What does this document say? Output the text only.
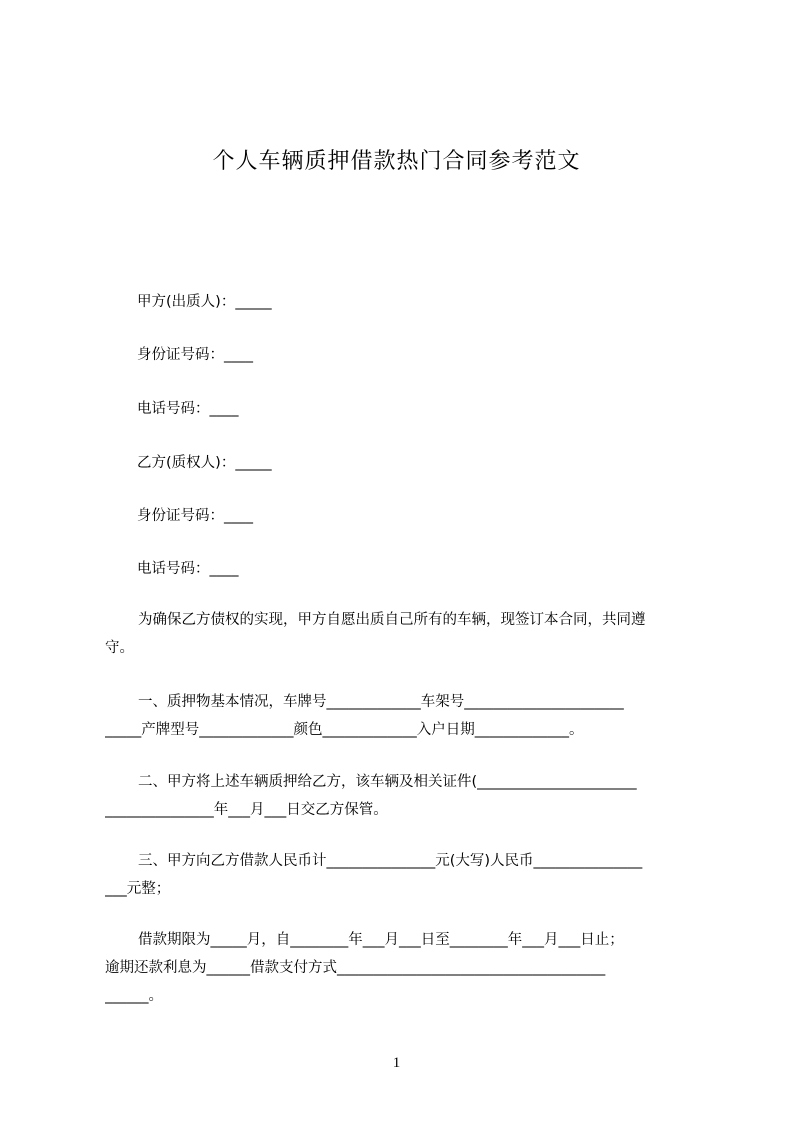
个人车辆质押借款热门合同参考范文
甲方(出质人)：_____
身份证号码：____
电话号码：____
乙方(质权人)：_____
身份证号码：____
电话号码：____
为确保乙方债权的实现，甲方自愿出质自己所有的车辆，现签订本合同，共同遵
守。
一、质押物基本情况，车牌号_____________车架号______________________
_____产牌型号_____________颜色_____________入户日期_____________。
二、甲方将上述车辆质押给乙方，该车辆及相关证件(______________________
_______________年___月___日交乙方保管。
三、甲方向乙方借款人民币计_______________元(大写)人民币_______________
___元整；
借款期限为_____月，自________年___月___日至________年___月___日止；
逾期还款利息为______借款支付方式_____________________________________
______。
1
